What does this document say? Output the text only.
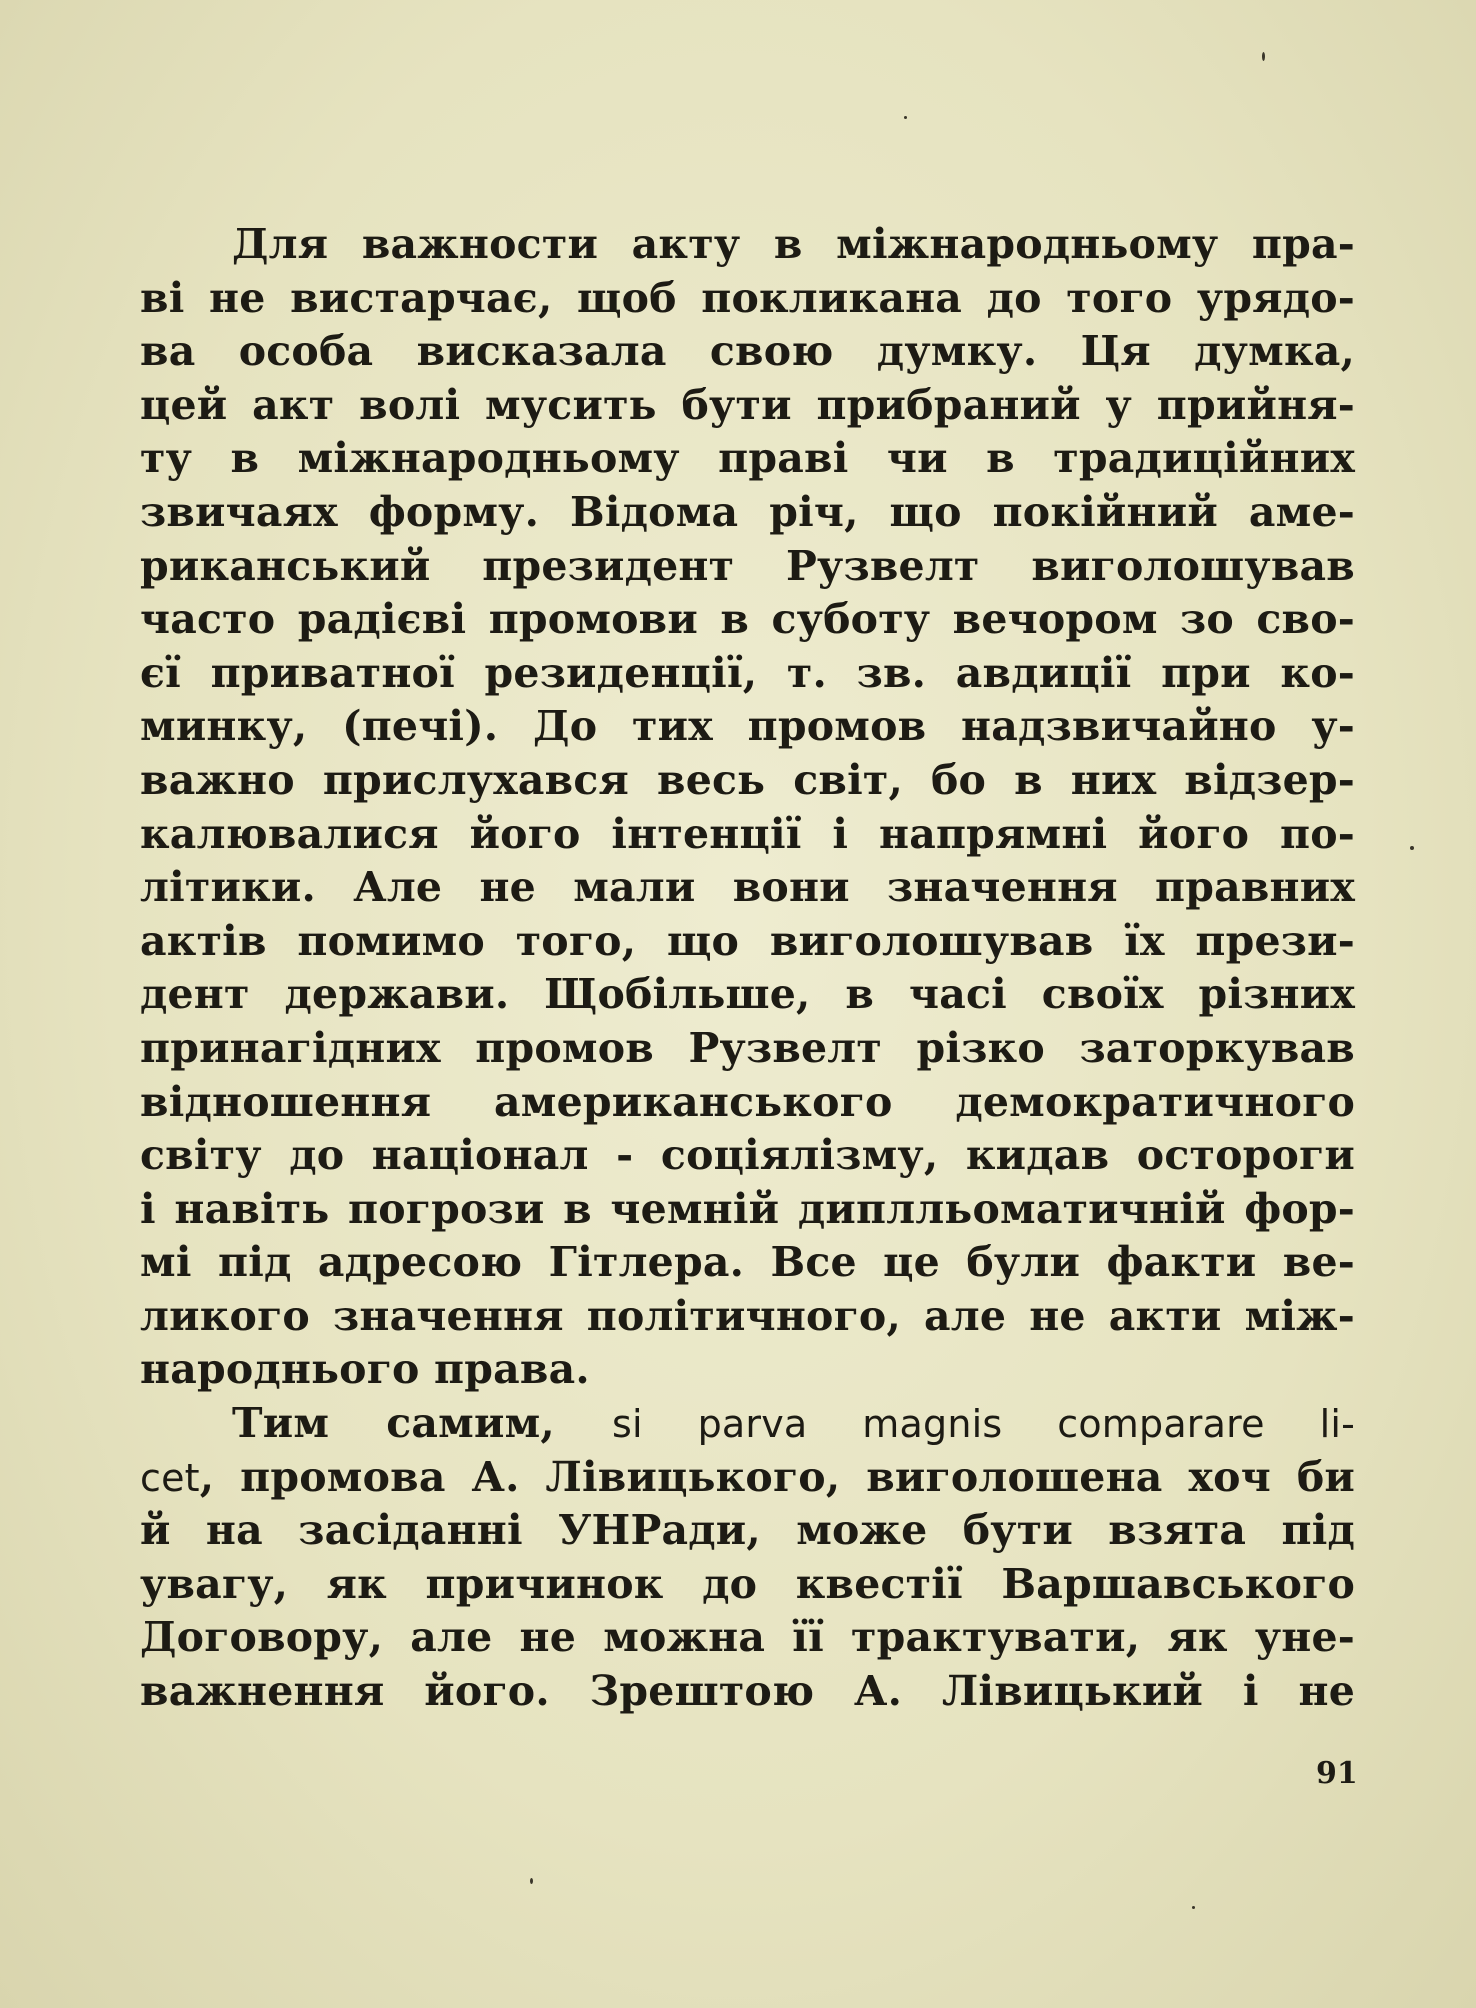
Для важности акту в міжнародньому пра-
ві не вистарчає, щоб покликана до того урядо-
ва особа висказала свою думку. Ця думка,
цей акт волі мусить бути прибраний у прийня-
ту в міжнародньому праві чи в традиційних
звичаях форму. Відома річ, що покійний аме-
риканський президент Рузвелт виголошував
часто радієві промови в суботу вечором зо сво-
єї приватної резиденції, т. зв. авдиції при ко-
минку, (печі). До тих промов надзвичайно у-
важно прислухався весь світ, бо в них відзер-
калювалися його інтенції і напрямні його по-
літики. Але не мали вони значення правних
актів помимо того, що виголошував їх прези-
дент держави. Щобільше, в часі своїх різних
принагідних промов Рузвелт різко заторкував
відношення американського демократичного
світу до націонал - соціялізму, кидав остороги
і навіть погрози в чемній диплльоматичній фор-
мі під адресою Гітлера. Все це були факти ве-
ликого значення політичного, але не акти між-
народнього права.
Тим самим, si parva magnis comparare li-
cet, промова А. Лівицького, виголошена хоч би
й на засіданні УНРади, може бути взята під
увагу, як причинок до квестії Варшавського
Договору, але не можна її трактувати, як уне-
важнення його. Зрештою А. Лівицький і не
91
